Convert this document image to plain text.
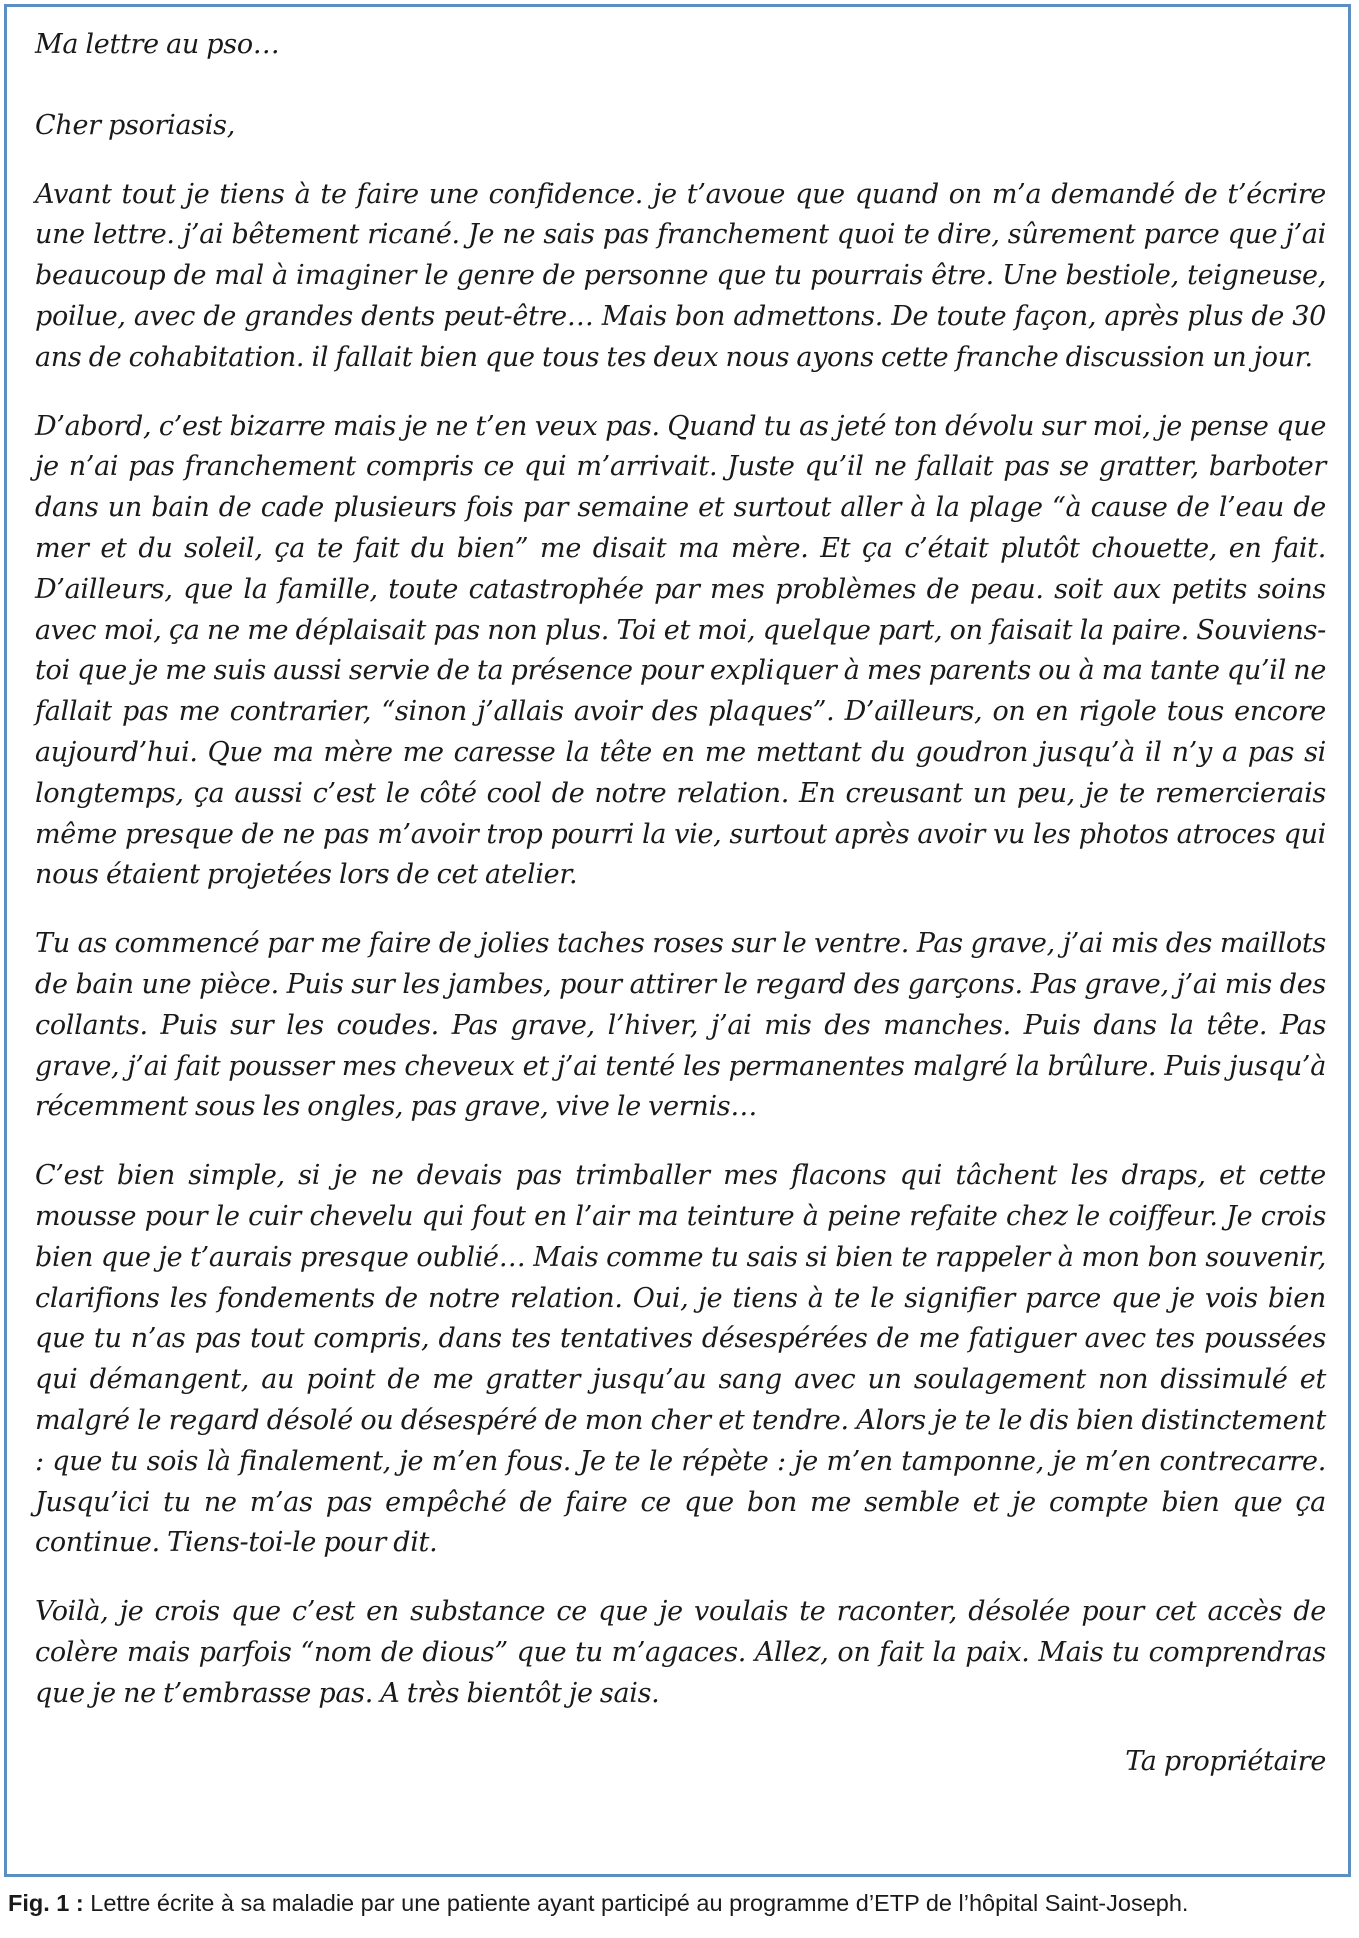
Ma lettre au pso…

Cher psoriasis,

Avant tout je tiens à te faire une confidence. je t’avoue que quand on m’a demandé de t’écrire une lettre. j’ai bêtement ricané. Je ne sais pas franchement quoi te dire, sûrement parce que j’ai beaucoup de mal à imaginer le genre de personne que tu pourrais être. Une bestiole, teigneuse, poilue, avec de grandes dents peut-être… Mais bon admettons. De toute façon, après plus de 30 ans de cohabitation. il fallait bien que tous tes deux nous ayons cette franche discussion un jour.

D’abord, c’est bizarre mais je ne t’en veux pas. Quand tu as jeté ton dévolu sur moi, je pense que je n’ai pas franchement compris ce qui m’arrivait. Juste qu’il ne fallait pas se gratter, barboter dans un bain de cade plusieurs fois par semaine et surtout aller à la plage “à cause de l’eau de mer et du soleil, ça te fait du bien” me disait ma mère. Et ça c’était plutôt chouette, en fait. D’ailleurs, que la famille, toute catastrophée par mes problèmes de peau. soit aux petits soins avec moi, ça ne me déplaisait pas non plus. Toi et moi, quelque part, on faisait la paire. Souviens-toi que je me suis aussi servie de ta présence pour expliquer à mes parents ou à ma tante qu’il ne fallait pas me contrarier, “sinon j’allais avoir des plaques”. D’ailleurs, on en rigole tous encore aujourd’hui. Que ma mère me caresse la tête en me mettant du goudron jusqu’à il n’y a pas si longtemps, ça aussi c’est le côté cool de notre relation. En creusant un peu, je te remercierais même presque de ne pas m’avoir trop pourri la vie, surtout après avoir vu les photos atroces qui nous étaient projetées lors de cet atelier.

Tu as commencé par me faire de jolies taches roses sur le ventre. Pas grave, j’ai mis des maillots de bain une pièce. Puis sur les jambes, pour attirer le regard des garçons. Pas grave, j’ai mis des collants. Puis sur les coudes. Pas grave, l’hiver, j’ai mis des manches. Puis dans la tête. Pas grave, j’ai fait pousser mes cheveux et j’ai tenté les permanentes malgré la brûlure. Puis jusqu’à récemment sous les ongles, pas grave, vive le vernis…

C’est bien simple, si je ne devais pas trimballer mes flacons qui tâchent les draps, et cette mousse pour le cuir chevelu qui fout en l’air ma teinture à peine refaite chez le coiffeur. Je crois bien que je t’aurais presque oublié… Mais comme tu sais si bien te rappeler à mon bon souvenir, clarifions les fondements de notre relation. Oui, je tiens à te le signifier parce que je vois bien que tu n’as pas tout compris, dans tes tentatives désespérées de me fatiguer avec tes poussées qui démangent, au point de me gratter jusqu’au sang avec un soulagement non dissimulé et malgré le regard désolé ou désespéré de mon cher et tendre. Alors je te le dis bien distinctement : que tu sois là finalement, je m’en fous. Je te le répète : je m’en tamponne, je m’en contrecarre. Jusqu’ici tu ne m’as pas empêché de faire ce que bon me semble et je compte bien que ça continue. Tiens-toi-le pour dit.

Voilà, je crois que c’est en substance ce que je voulais te raconter, désolée pour cet accès de colère mais parfois “nom de dious” que tu m’agaces. Allez, on fait la paix. Mais tu comprendras que je ne t’embrasse pas. A très bientôt je sais.

Ta propriétaire

Fig. 1 : Lettre écrite à sa maladie par une patiente ayant participé au programme d’ETP de l’hôpital Saint-Joseph.
